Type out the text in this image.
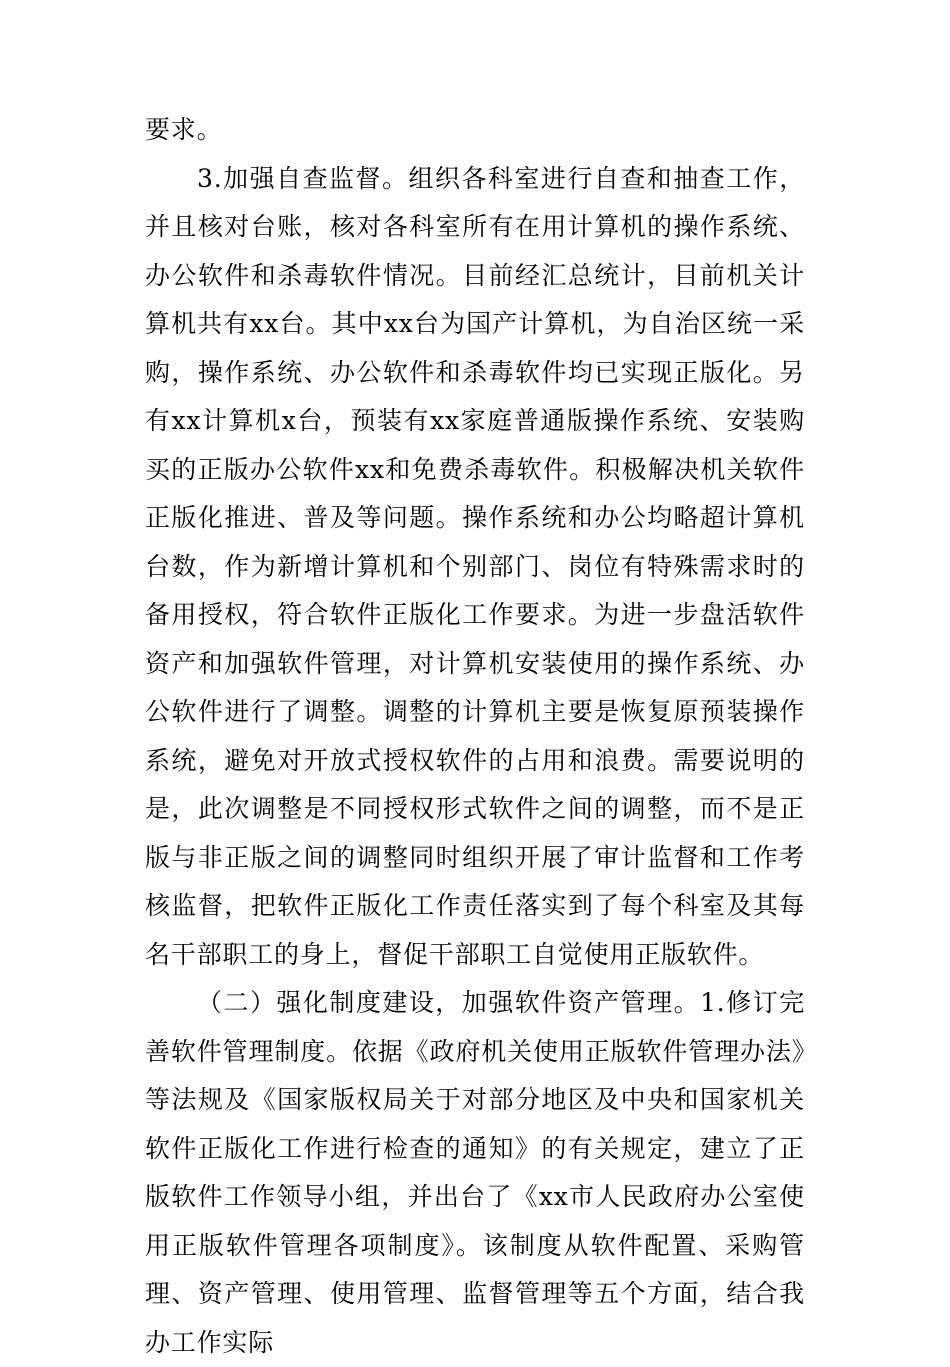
要求。

3.加强自查监督。组织各科室进行自查和抽查工作，并且核对台账，核对各科室所有在用计算机的操作系统、办公软件和杀毒软件情况。目前经汇总统计，目前机关计算机共有xx台。其中xx台为国产计算机，为自治区统一采购，操作系统、办公软件和杀毒软件均已实现正版化。另有xx计算机x台，预装有xx家庭普通版操作系统、安装购买的正版办公软件xx和免费杀毒软件。积极解决机关软件正版化推进、普及等问题。操作系统和办公均略超计算机台数，作为新增计算机和个别部门、岗位有特殊需求时的备用授权，符合软件正版化工作要求。为进一步盘活软件资产和加强软件管理，对计算机安装使用的操作系统、办公软件进行了调整。调整的计算机主要是恢复原预装操作系统，避免对开放式授权软件的占用和浪费。需要说明的是，此次调整是不同授权形式软件之间的调整，而不是正版与非正版之间的调整同时组织开展了审计监督和工作考核监督，把软件正版化工作责任落实到了每个科室及其每名干部职工的身上，督促干部职工自觉使用正版软件。

（二）强化制度建设，加强软件资产管理。1.修订完善软件管理制度。依据《政府机关使用正版软件管理办法》等法规及《国家版权局关于对部分地区及中央和国家机关软件正版化工作进行检查的通知》的有关规定，建立了正版软件工作领导小组，并出台了《xx市人民政府办公室使用正版软件管理各项制度》。该制度从软件配置、采购管理、资产管理、使用管理、监督管理等五个方面，结合我办工作实际
